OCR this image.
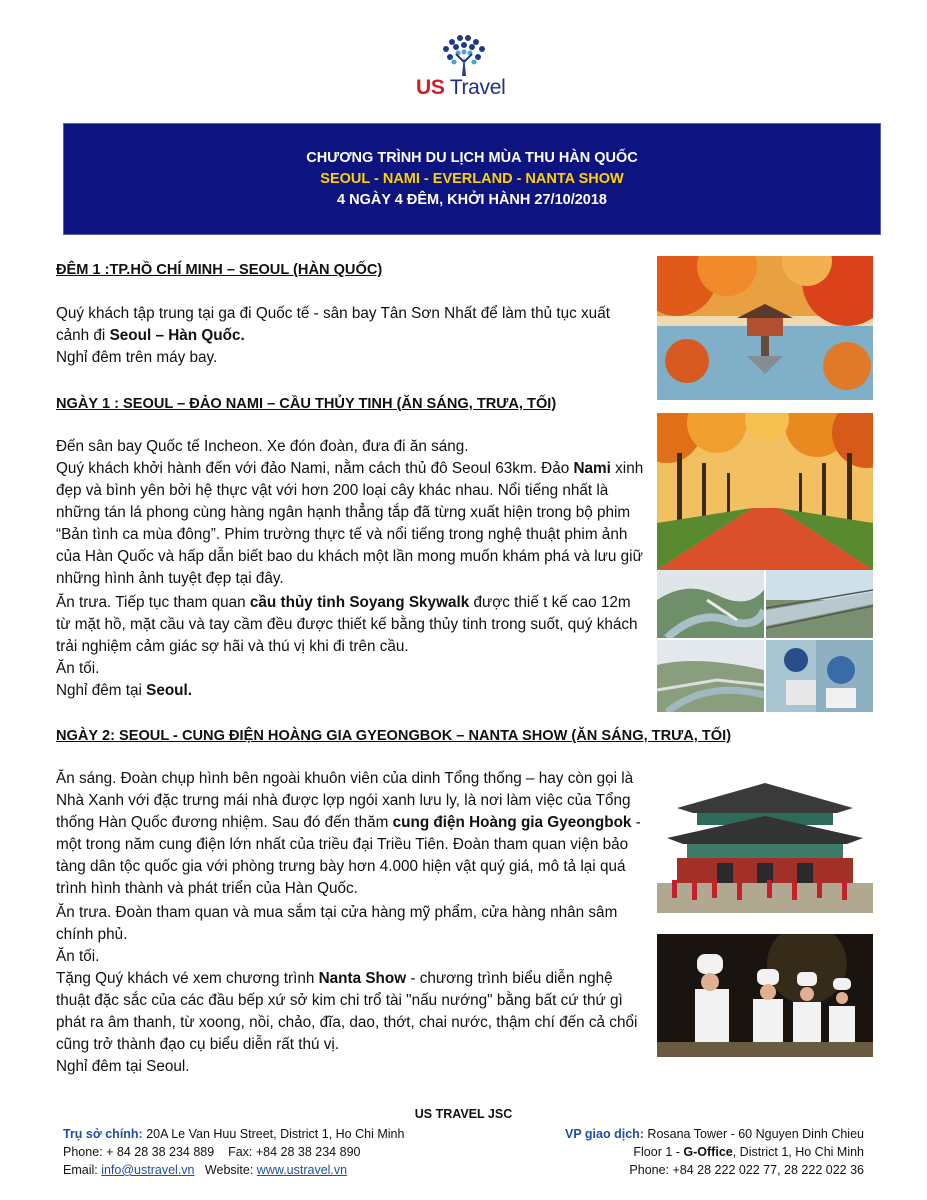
US Travel
CHƯƠNG TRÌNH DU LỊCH MÙA THU HÀN QUỐC
SEOUL - NAMI - EVERLAND - NANTA SHOW
4 NGÀY 4 ĐÊM, KHỞI HÀNH 27/10/2018
ĐÊM 1 :TP.HỒ CHÍ MINH – SEOUL (HÀN QUỐC)

Quý khách tập trung tại ga đi Quốc tế - sân bay Tân Sơn Nhất để làm thủ tục xuất cảnh đi Seoul – Hàn Quốc.

Nghỉ đêm trên máy bay.

NGÀY 1 : SEOUL – ĐẢO NAMI – CẦU THỦY TINH (ĂN SÁNG, TRƯA, TỐI)

Đến sân bay Quốc tế Incheon. Xe đón đoàn, đưa đi ăn sáng.

Quý khách khởi hành đến với đảo Nami, nằm cách thủ đô Seoul 63km. Đảo Nami xinh đẹp và bình yên bởi hệ thực vật với hơn 200 loại cây khác nhau. Nổi tiếng nhất là những tán lá phong cùng hàng ngân hạnh thẳng tắp đã từng xuất hiện trong bộ phim “Bản tình ca mùa đông”. Phim trường thực tế và nổi tiếng trong nghệ thuật phim ảnh của Hàn Quốc và hấp dẫn biết bao du khách một lần mong muốn khám phá và lưu giữ những hình ảnh tuyệt đẹp tại đây.

Ăn trưa. Tiếp tục tham quan cầu thủy tinh Soyang Skywalk được thiế t kế cao 12m từ mặt hồ, mặt cầu và tay cầm đều được thiết kế bằng thủy tinh trong suốt, quý khách trải nghiệm cảm giác sợ hãi và thú vị khi đi trên cầu.

Ăn tối.

Nghỉ đêm tại Seoul.

NGÀY 2: SEOUL - CUNG ĐIỆN HOÀNG GIA GYEONGBOK – NANTA SHOW (ĂN SÁNG, TRƯA, TỐI)

Ăn sáng. Đoàn chụp hình bên ngoài khuôn viên của dinh Tổng thống – hay còn gọi là Nhà Xanh với đặc trưng mái nhà được lợp ngói xanh lưu ly, là nơi làm việc của Tổng thống Hàn Quốc đương nhiệm. Sau đó đến thăm cung điện Hoàng gia Gyeongbok - một trong năm cung điện lớn nhất của triều đại Triều Tiên. Đoàn tham quan viện bảo tàng dân tộc quốc gia với phòng trưng bày hơn 4.000 hiện vật quý giá, mô tả lại quá trình hình thành và phát triển của Hàn Quốc.

Ăn trưa. Đoàn tham quan và mua sắm tại cửa hàng mỹ phẩm, cửa hàng nhân sâm chính phủ.

Ăn tối.

Tặng Quý khách vé xem chương trình Nanta Show - chương trình biểu diễn nghệ thuật đặc sắc của các đầu bếp xứ sở kim chi trổ tài "nấu nướng" bằng bất cứ thứ gì phát ra âm thanh, từ xoong, nồi, chảo, đĩa, dao, thớt, chai nước, thậm chí đến cả chổi cũng trở thành đạo cụ biểu diễn rất thú vị.

Nghỉ đêm tại Seoul.

US TRAVEL JSC
Trụ sở chính: 20A Le Van Huu Street, District 1, Ho Chi Minh
Phone: + 84 28 38 234 889    Fax: +84 28 38 234 890
Email: info@ustravel.vn   Website: www.ustravel.vn
VP giao dịch: Rosana Tower - 60 Nguyen Dinh Chieu
Floor 1 - G-Office, District 1, Ho Chi Minh
Phone: +84 28 222 022 77, 28 222 022 36
